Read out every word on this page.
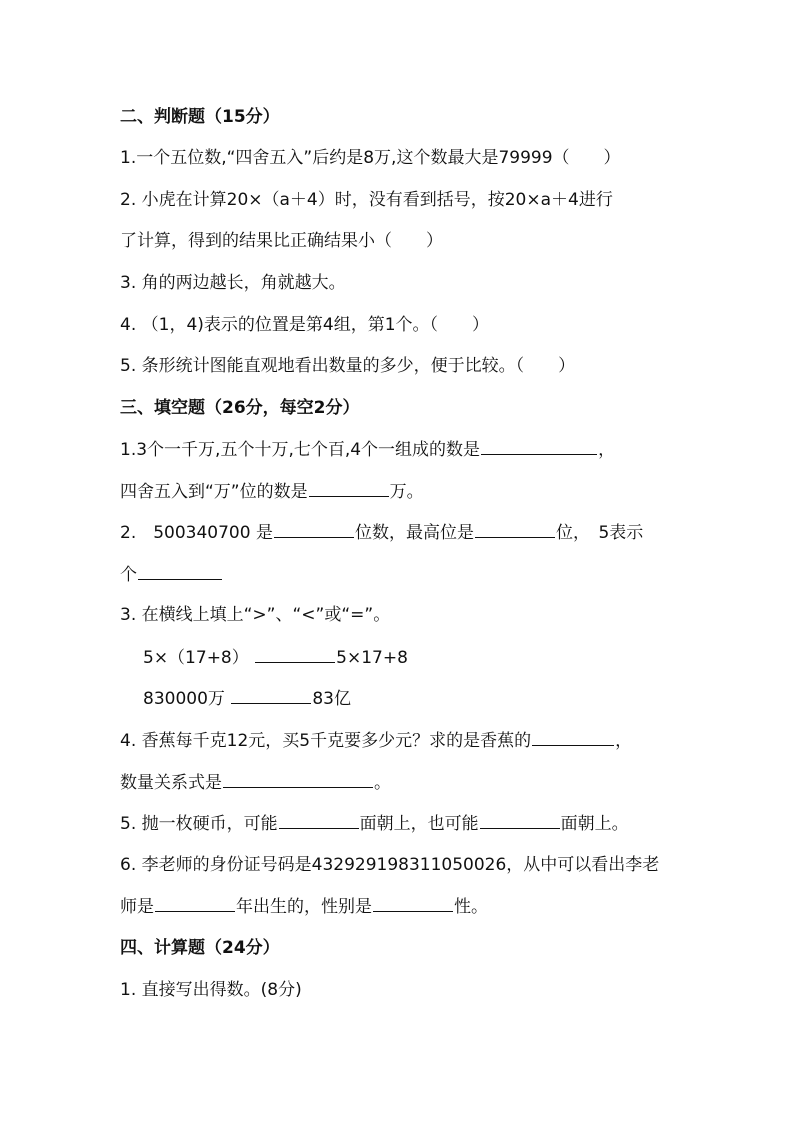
二、判断题（15分）
1.一个五位数,“四舍五入”后约是8万,这个数最大是79999（　　）
2. 小虎在计算20×（a＋4）时，没有看到括号，按20×a＋4进行
了计算，得到的结果比正确结果小（　　）
3. 角的两边越长，角就越大。
4. （1，4)表示的位置是第4组，第1个。（　　）
5. 条形统计图能直观地看出数量的多少，便于比较。（　　）
三、填空题（26分，每空2分）
1.3个一千万,五个十万,七个百,4个一组成的数是	，
四舍五入到“万”位的数是	万。
2.　500340700 是	位数，最高位是	位，　5表示
个
3. 在横线上填上“>”、“<”或“=”。
5×（17+8）	5×17+8
830000万	83亿
4. 香蕉每千克12元，买5千克要多少元？求的是香蕉的	，
数量关系式是	。
5. 抛一枚硬币，可能	面朝上，也可能	面朝上。
6. 李老师的身份证号码是432929198311050026，从中可以看出李老
师是	年出生的，性别是	性。
四、计算题（24分）
1. 直接写出得数。(8分)
